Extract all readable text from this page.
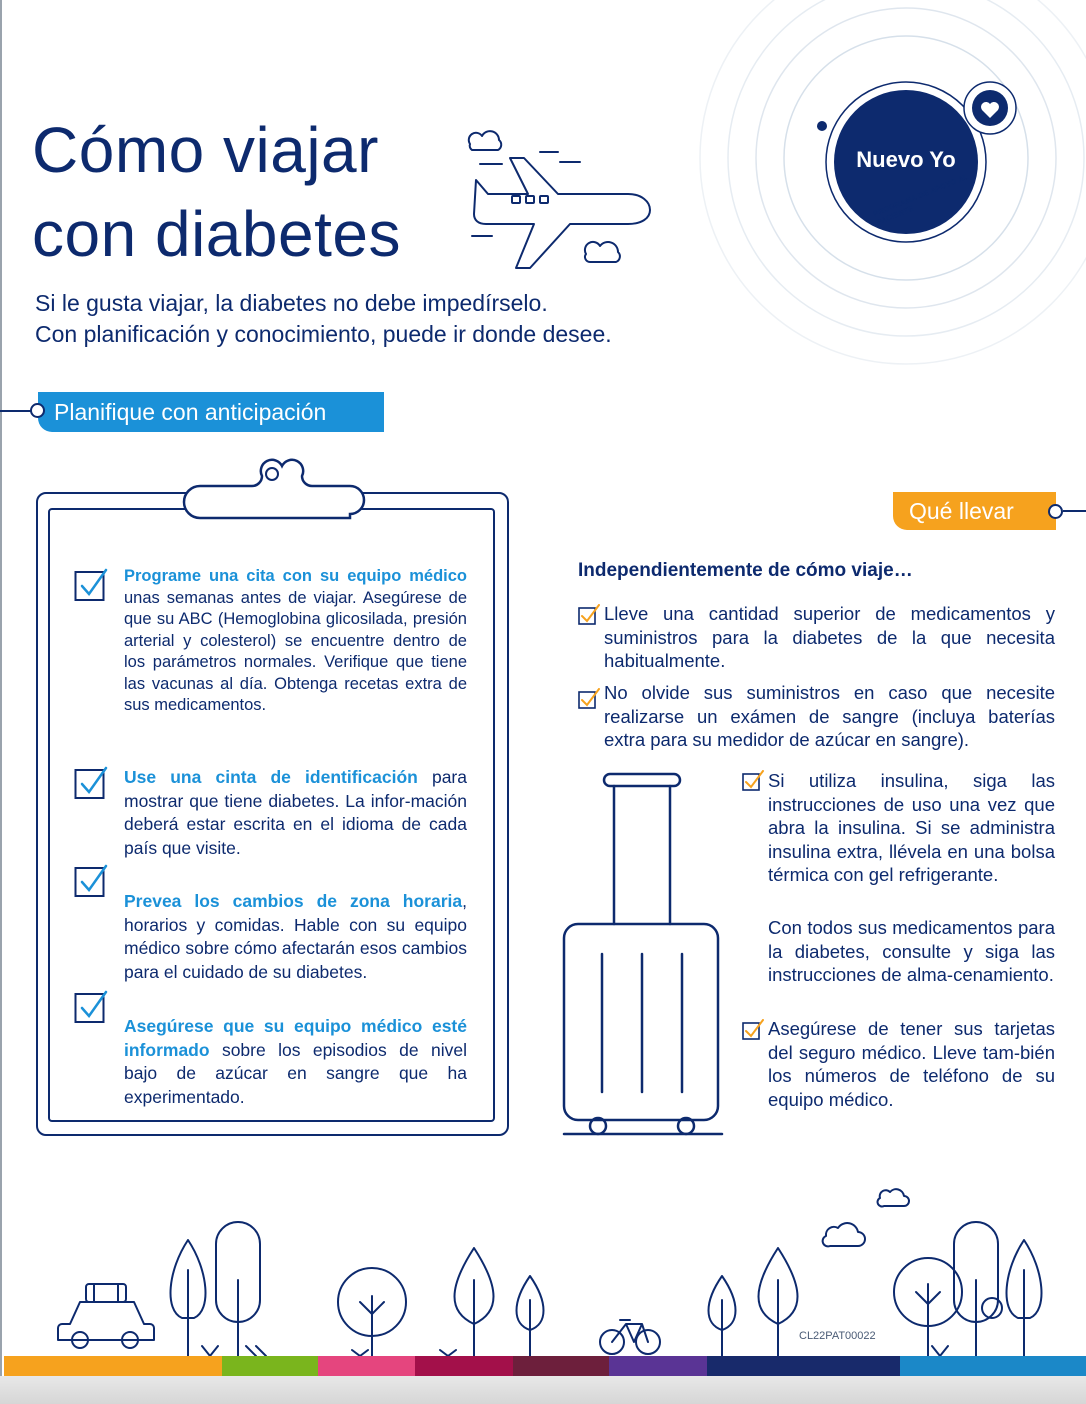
Cómo viajar
con diabetes
Nuevo Yo
PROGRAMA DE APOYO AL PACIENTE
Si le gusta viajar, la diabetes no debe impedírselo.
Con planificación y conocimiento, puede ir donde desee.
Planifique con anticipación
Programe una cita con su equipo médico unas semanas antes de viajar. Asegúrese de que su ABC (Hemoglobina glicosilada, presión arterial y colesterol) se encuentre dentro de los parámetros normales. Verifique que tiene las vacunas al día. Obtenga recetas extra de sus medicamentos.
Use una cinta de identificación para mostrar que tiene diabetes. La infor-mación deberá estar escrita en el idioma de cada país que visite.
Prevea los cambios de zona horaria, horarios y comidas. Hable con su equipo médico sobre cómo afectarán esos cambios para el cuidado de su diabetes.
Asegúrese que su equipo médico esté informado sobre los episodios de nivel bajo de azúcar en sangre que ha experimentado.
Qué llevar
Independientemente de cómo viaje…
Lleve una cantidad superior de medicamentos y suministros para la diabetes de la que necesita habitualmente.
No olvide sus suministros en caso que necesite realizarse un exámen de sangre (incluya baterías extra para su medidor de azúcar en sangre).
Si utiliza insulina, siga las instrucciones de uso una vez que abra la insulina. Si se administra insulina extra, llévela en una bolsa térmica con gel refrigerante.
Con todos sus medicamentos para la diabetes, consulte y siga las instrucciones de alma-cenamiento.
Asegúrese de tener sus tarjetas del seguro médico. Lleve tam-bién los números de teléfono de su equipo médico.
CL22PAT00022
